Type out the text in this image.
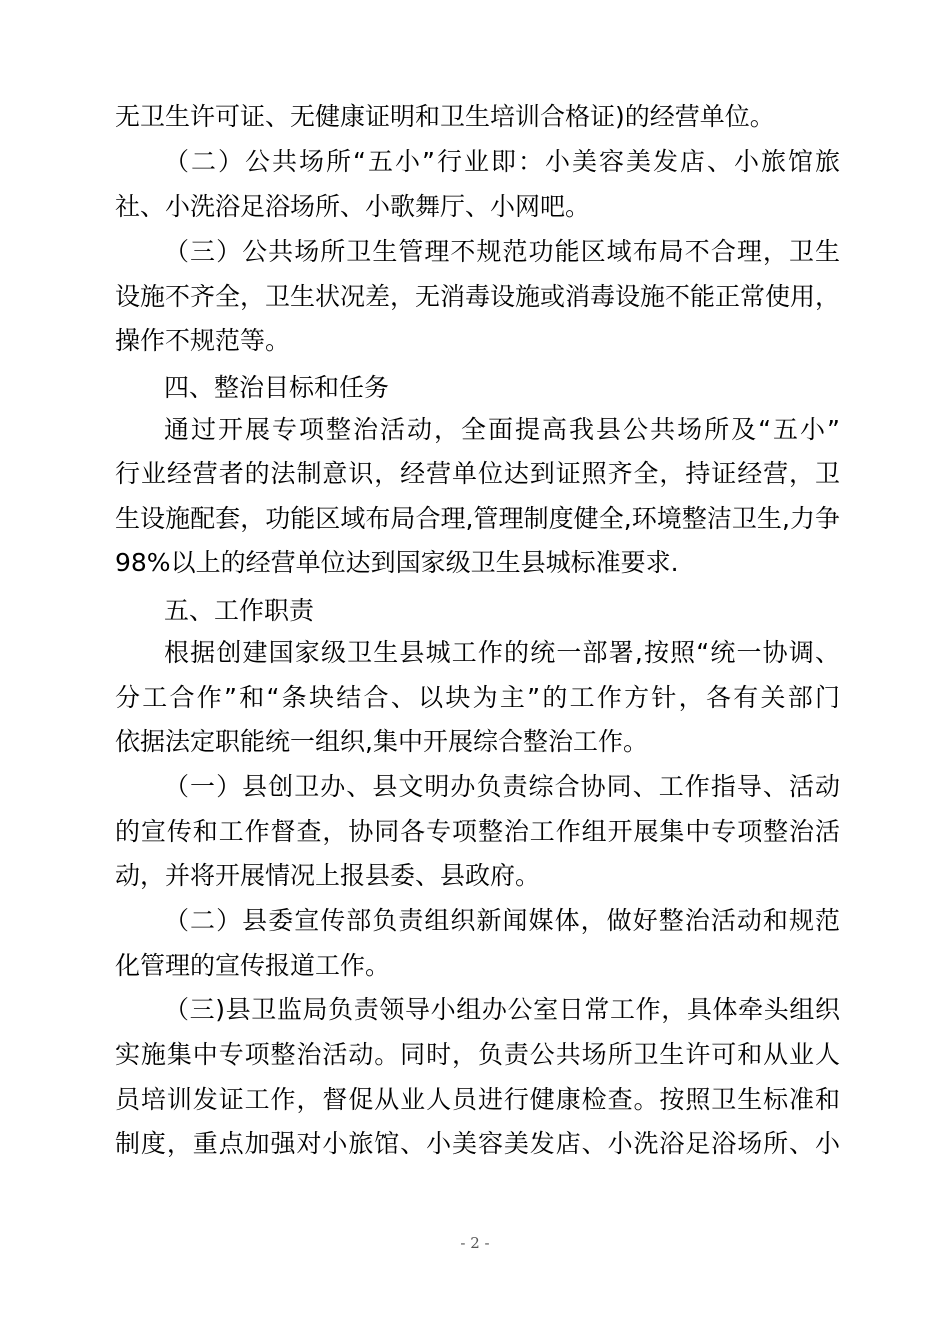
无卫生许可证、无健康证明和卫生培训合格证)的经营单位。
（二）公共场所“五小”行业即：小美容美发店、小旅馆旅
社、小洗浴足浴场所、小歌舞厅、小网吧。
（三）公共场所卫生管理不规范功能区域布局不合理，卫生
设施不齐全，卫生状况差，无消毒设施或消毒设施不能正常使用，
操作不规范等。
四、整治目标和任务
通过开展专项整治活动，全面提高我县公共场所及“五小”
行业经营者的法制意识，经营单位达到证照齐全，持证经营，卫
生设施配套，功能区域布局合理,管理制度健全,环境整洁卫生,力争
98%以上的经营单位达到国家级卫生县城标准要求.
五、工作职责
根据创建国家级卫生县城工作的统一部署,按照“统一协调、
分工合作”和“条块结合、以块为主”的工作方针，各有关部门
依据法定职能统一组织,集中开展综合整治工作。
（一）县创卫办、县文明办负责综合协同、工作指导、活动
的宣传和工作督查，协同各专项整治工作组开展集中专项整治活
动，并将开展情况上报县委、县政府。
（二）县委宣传部负责组织新闻媒体，做好整治活动和规范
化管理的宣传报道工作。
（三)县卫监局负责领导小组办公室日常工作，具体牵头组织
实施集中专项整治活动。同时，负责公共场所卫生许可和从业人
员培训发证工作，督促从业人员进行健康检查。按照卫生标准和
制度，重点加强对小旅馆、小美容美发店、小洗浴足浴场所、小
- 2 -
